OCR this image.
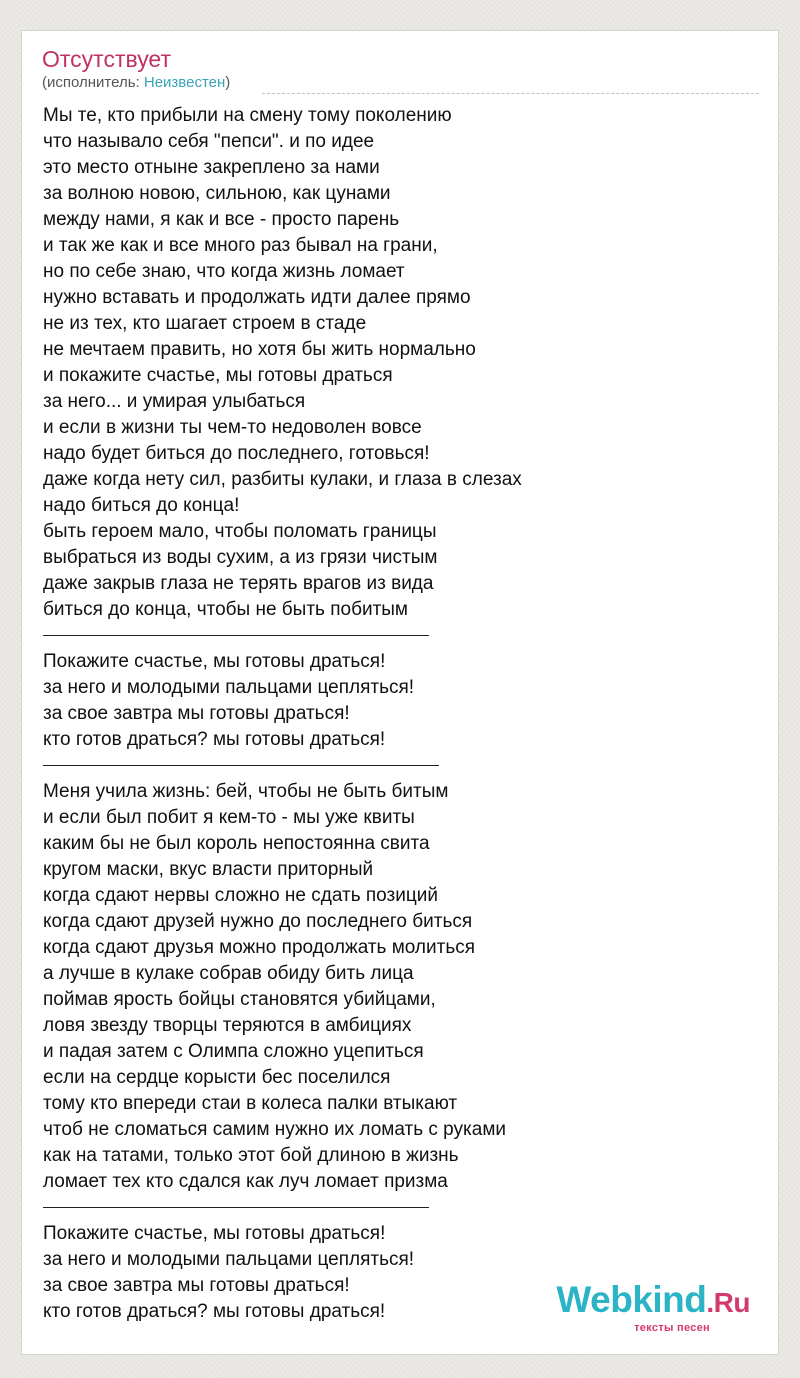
Отсутствует
(исполнитель: Неизвестен)
Мы те, кто прибыли на смену тому поколению
что называло себя "пепси". и по идее
это место отныне закреплено за нами
за волною новою, сильною, как цунами
между нами, я как и все - просто парень
и так же как и все много раз бывал на грани,
но по себе знаю, что когда жизнь ломает
нужно вставать и продолжать идти далее прямо
не из тех, кто шагает строем в стаде
не мечтаем править, но хотя бы жить нормально
и покажите счастье, мы готовы драться
за него... и умирая улыбаться
и если в жизни ты чем-то недоволен вовсе
надо будет биться до последнего, готовься!
даже когда нету сил, разбиты кулаки, и глаза в слезах
надо биться до конца!
быть героем мало, чтобы поломать границы
выбраться из воды сухим, а из грязи чистым
даже закрыв глаза не терять врагов из вида
биться до конца, чтобы не быть побитым
Покажите счастье, мы готовы драться!
за него и молодыми пальцами цепляться!
за свое завтра мы готовы драться!
кто готов драться? мы готовы драться!
Меня учила жизнь: бей, чтобы не быть битым
и если был побит я кем-то - мы уже квиты
каким бы не был король непостоянна свита
кругом маски, вкус власти приторный
когда сдают нервы сложно не сдать позиций
когда сдают друзей нужно до последнего биться
когда сдают друзья можно продолжать молиться
а лучше в кулаке собрав обиду бить лица
поймав ярость бойцы становятся убийцами,
ловя звезду творцы теряются в амбициях
и падая затем с Олимпа сложно уцепиться
если на сердце корысти бес поселился
тому кто впереди стаи в колеса палки втыкают
чтоб не сломаться самим нужно их ломать с руками
как на татами, только этот бой длиною в жизнь
ломает тех кто сдался как луч ломает призма
Покажите счастье, мы готовы драться!
за него и молодыми пальцами цепляться!
за свое завтра мы готовы драться!
кто готов драться? мы готовы драться!	Webkind.Ru
тексты песен
